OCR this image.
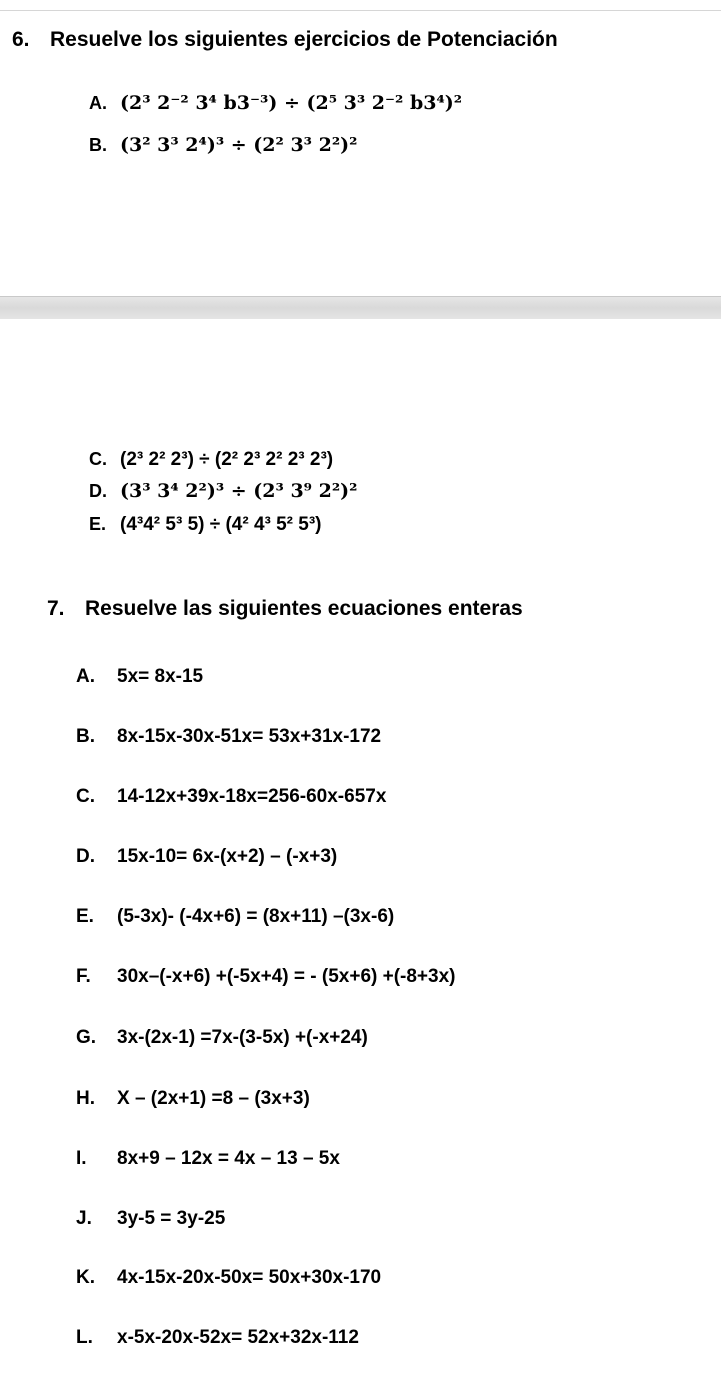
6. Resuelve los siguientes ejercicios de Potenciación
A. (2³ 2⁻² 3⁴ b3⁻³) ÷ (2⁵ 3³ 2⁻² b3⁴)²
B. (3² 3³ 2⁴)³ ÷ (2² 3³ 2²)²
C. (2³ 2² 2³) ÷ (2² 2³ 2² 2³ 2³)
D. (3³ 3⁴ 2²)³ ÷ (2³ 3⁹ 2²)²
E. (4³4² 5³ 5) ÷ (4² 4³ 5² 5³)
7. Resuelve las siguientes ecuaciones enteras
A. 5x= 8x-15
B. 8x-15x-30x-51x= 53x+31x-172
C. 14-12x+39x-18x=256-60x-657x
D. 15x-10= 6x-(x+2) – (-x+3)
E. (5-3x)- (-4x+6) = (8x+11) –(3x-6)
F. 30x–(-x+6) +(-5x+4) = - (5x+6) +(-8+3x)
G. 3x-(2x-1) =7x-(3-5x) +(-x+24)
H. X – (2x+1) =8 – (3x+3)
I. 8x+9 – 12x = 4x – 13 – 5x
J. 3y-5 = 3y-25
K. 4x-15x-20x-50x= 50x+30x-170
L. x-5x-20x-52x= 52x+32x-112
